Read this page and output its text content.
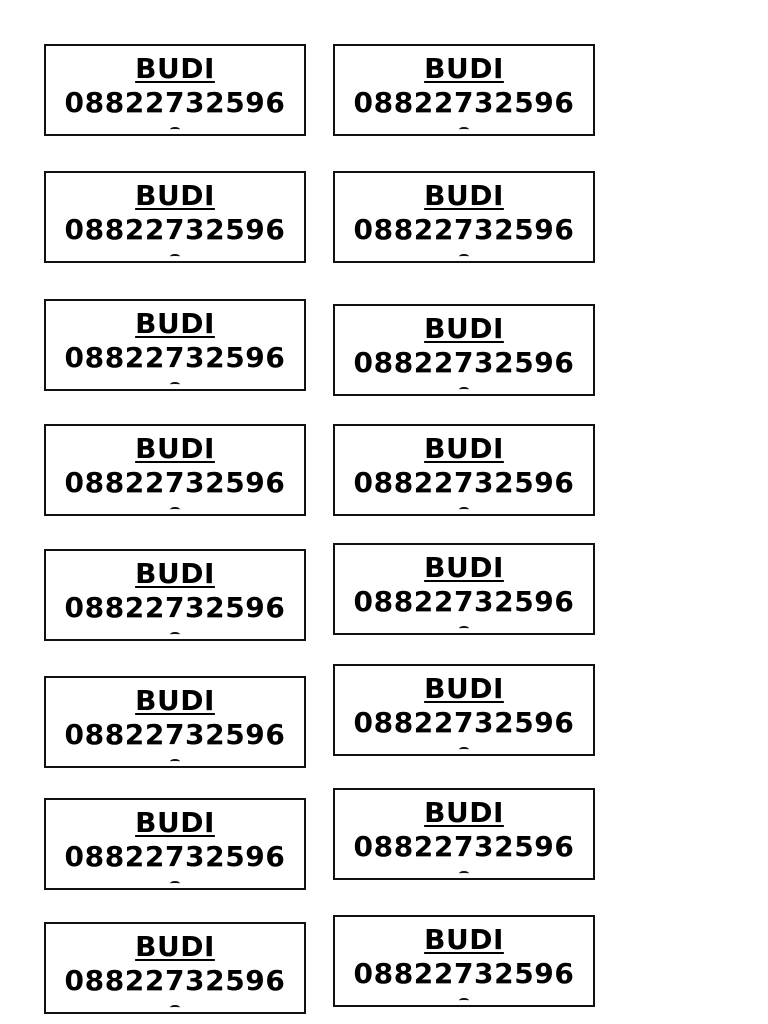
BUDI
08822732596
BUDI
08822732596
BUDI
08822732596
BUDI
08822732596
BUDI
08822732596
BUDI
08822732596
BUDI
08822732596
BUDI
08822732596
BUDI
08822732596
BUDI
08822732596
BUDI
08822732596
BUDI
08822732596
BUDI
08822732596
BUDI
08822732596
BUDI
08822732596
BUDI
08822732596
